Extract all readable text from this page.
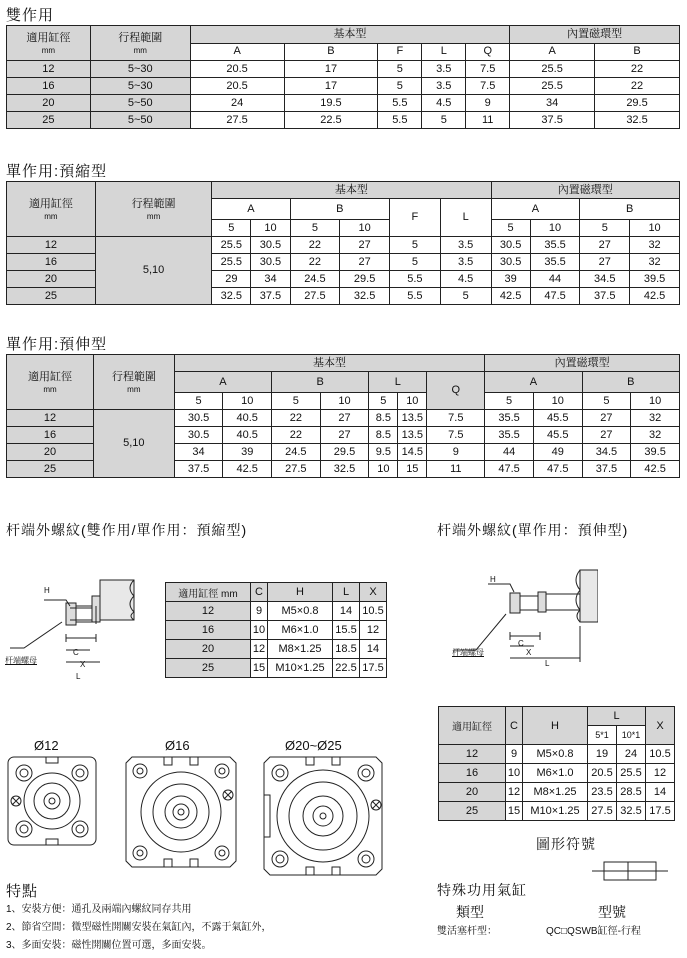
雙作用
適用缸徑
mm	行程範圍
mm	基本型					內置磁環型	
		A	B	F	L	Q	A	B
12	5~30	20.5	17	5	3.5	7.5	25.5	22
16	5~30	20.5	17	5	3.5	7.5	25.5	22
20	5~50	24	19.5	5.5	4.5	9	34	29.5
25	5~50	27.5	22.5	5.5	5	11	37.5	32.5
單作用:預縮型
適用缸徑
mm	行程範圍
mm	基本型						內置磁環型			
		A		B		F	L	A		B	
		5	10	5	10			5	10	5	10
12	5,10	25.5	30.5	22	27	5	3.5	30.5	35.5	27	32
16		25.5	30.5	22	27	5	3.5	30.5	35.5	27	32
20		29	34	24.5	29.5	5.5	4.5	39	44	34.5	39.5
25		32.5	37.5	27.5	32.5	5.5	5	42.5	47.5	37.5	42.5
單作用:預伸型
適用缸徑
mm	行程範圍
mm	基本型							內置磁環型			
		A		B		L		Q	A		B	
		5	10	5	10	5	10		5	10	5	10
12	5,10	30.5	40.5	22	27	8.5	13.5	7.5	35.5	45.5	27	32
16		30.5	40.5	22	27	8.5	13.5	7.5	35.5	45.5	27	32
20		34	39	24.5	29.5	9.5	14.5	9	44	49	34.5	39.5
25		37.5	42.5	27.5	32.5	10	15	11	47.5	47.5	37.5	42.5
杆端外螺紋(雙作用/單作用：預縮型)	杆端外螺紋(單作用：預伸型)
H
C
X
L
杆端螺母
適用缸徑 mm	C	H	L	X
12	9	M5×0.8	14	10.5
16	10	M6×1.0	15.5	12
20	12	M8×1.25	18.5	14
25	15	M10×1.25	22.5	17.5
H
C
X
L
杆端螺母
適用缸徑	C	H	L		X
			5*1	10*1	
12	9	M5×0.8	19	24	10.5
16	10	M6×1.0	20.5	25.5	12
20	12	M8×1.25	23.5	28.5	14
25	15	M10×1.25	27.5	32.5	17.5
Ø12	Ø16	Ø20~Ø25
圖形符號
特點
1、安裝方便：通孔及兩端內螺紋同存共用
2、節省空間：微型磁性開關安裝在氣缸內，不露于氣缸外，
3、多面安裝：磁性開關位置可選，多面安裝。
特殊功用氣缸
類型	型號
雙活塞杆型：	QC□QSWB缸徑-行程
